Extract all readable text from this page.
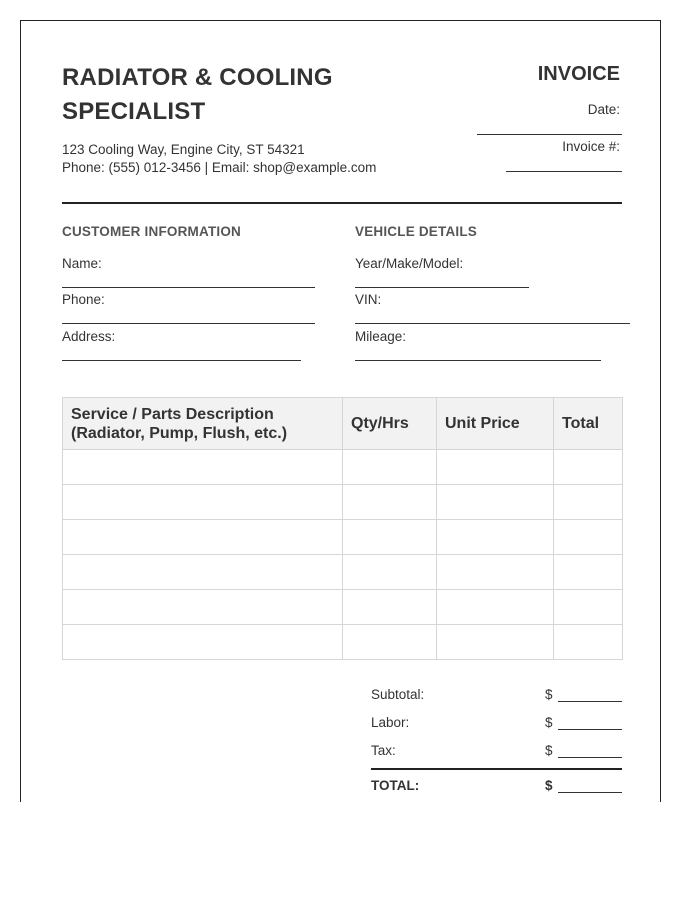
RADIATOR & COOLING
SPECIALIST
123 Cooling Way, Engine City, ST 54321
Phone: (555) 012-3456 | Email: shop@example.com
INVOICE
Date:
Invoice #:
CUSTOMER INFORMATION
Name:
Phone:
Address:
VEHICLE DETAILS
Year/Make/Model:
VIN:
Mileage:
Service / Parts Description
(Radiator, Pump, Flush, etc.)	Qty/Hrs	Unit Price	Total

Subtotal:	$
Labor:	$
Tax:	$
TOTAL:	$
